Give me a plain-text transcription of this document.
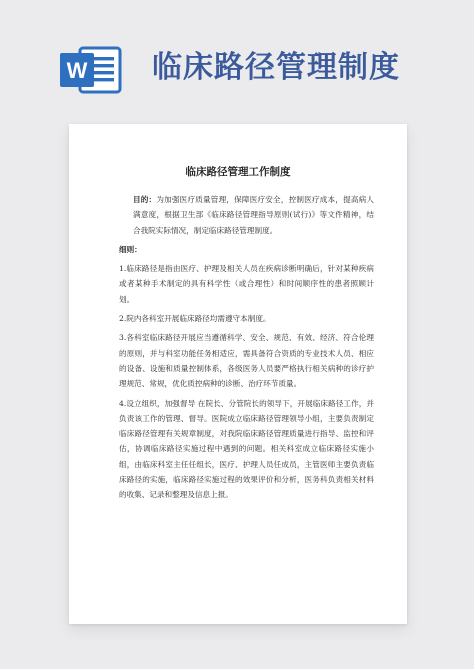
W 临床路径管理制度
临床路径管理工作制度

目的：为加强医疗质量管理，保障医疗安全，控制医疗成本，提高病人满意度，根据卫生部《临床路径管理指导原则(试行)》等文件精神，结合我院实际情况，制定临床路径管理制度。

细则：

1.临床路径是指由医疗、护理及相关人员在疾病诊断明确后，针对某种疾病或者某种手术制定的具有科学性（或合理性）和时间顺序性的患者照顾计划。

2.院内各科室开展临床路径均需遵守本制度。

3.各科室临床路径开展应当遵循科学、安全、规范、有效、经济、符合伦理的原则，并与科室功能任务相适应，需具备符合资质的专业技术人员、相应的设备、设施和质量控制体系，各级医务人员要严格执行相关病种的诊疗护理规范、常规，优化质控病种的诊断、治疗环节质量。

4.设立组织，加强督导 在院长、分管院长的领导下，开展临床路径工作，并负责该工作的管理、督导。医院成立临床路径管理领导小组，主要负责制定临床路径管理有关规章制度，对我院临床路径管理质量进行指导、监控和评估，协调临床路径实施过程中遇到的问题。相关科室成立临床路径实施小组，由临床科室主任任组长，医疗、护理人员任成员，主管医师主要负责临床路径的实施，临床路径实施过程的效果评价和分析，医务科负责相关材料的收集、记录和整理及信息上报。
